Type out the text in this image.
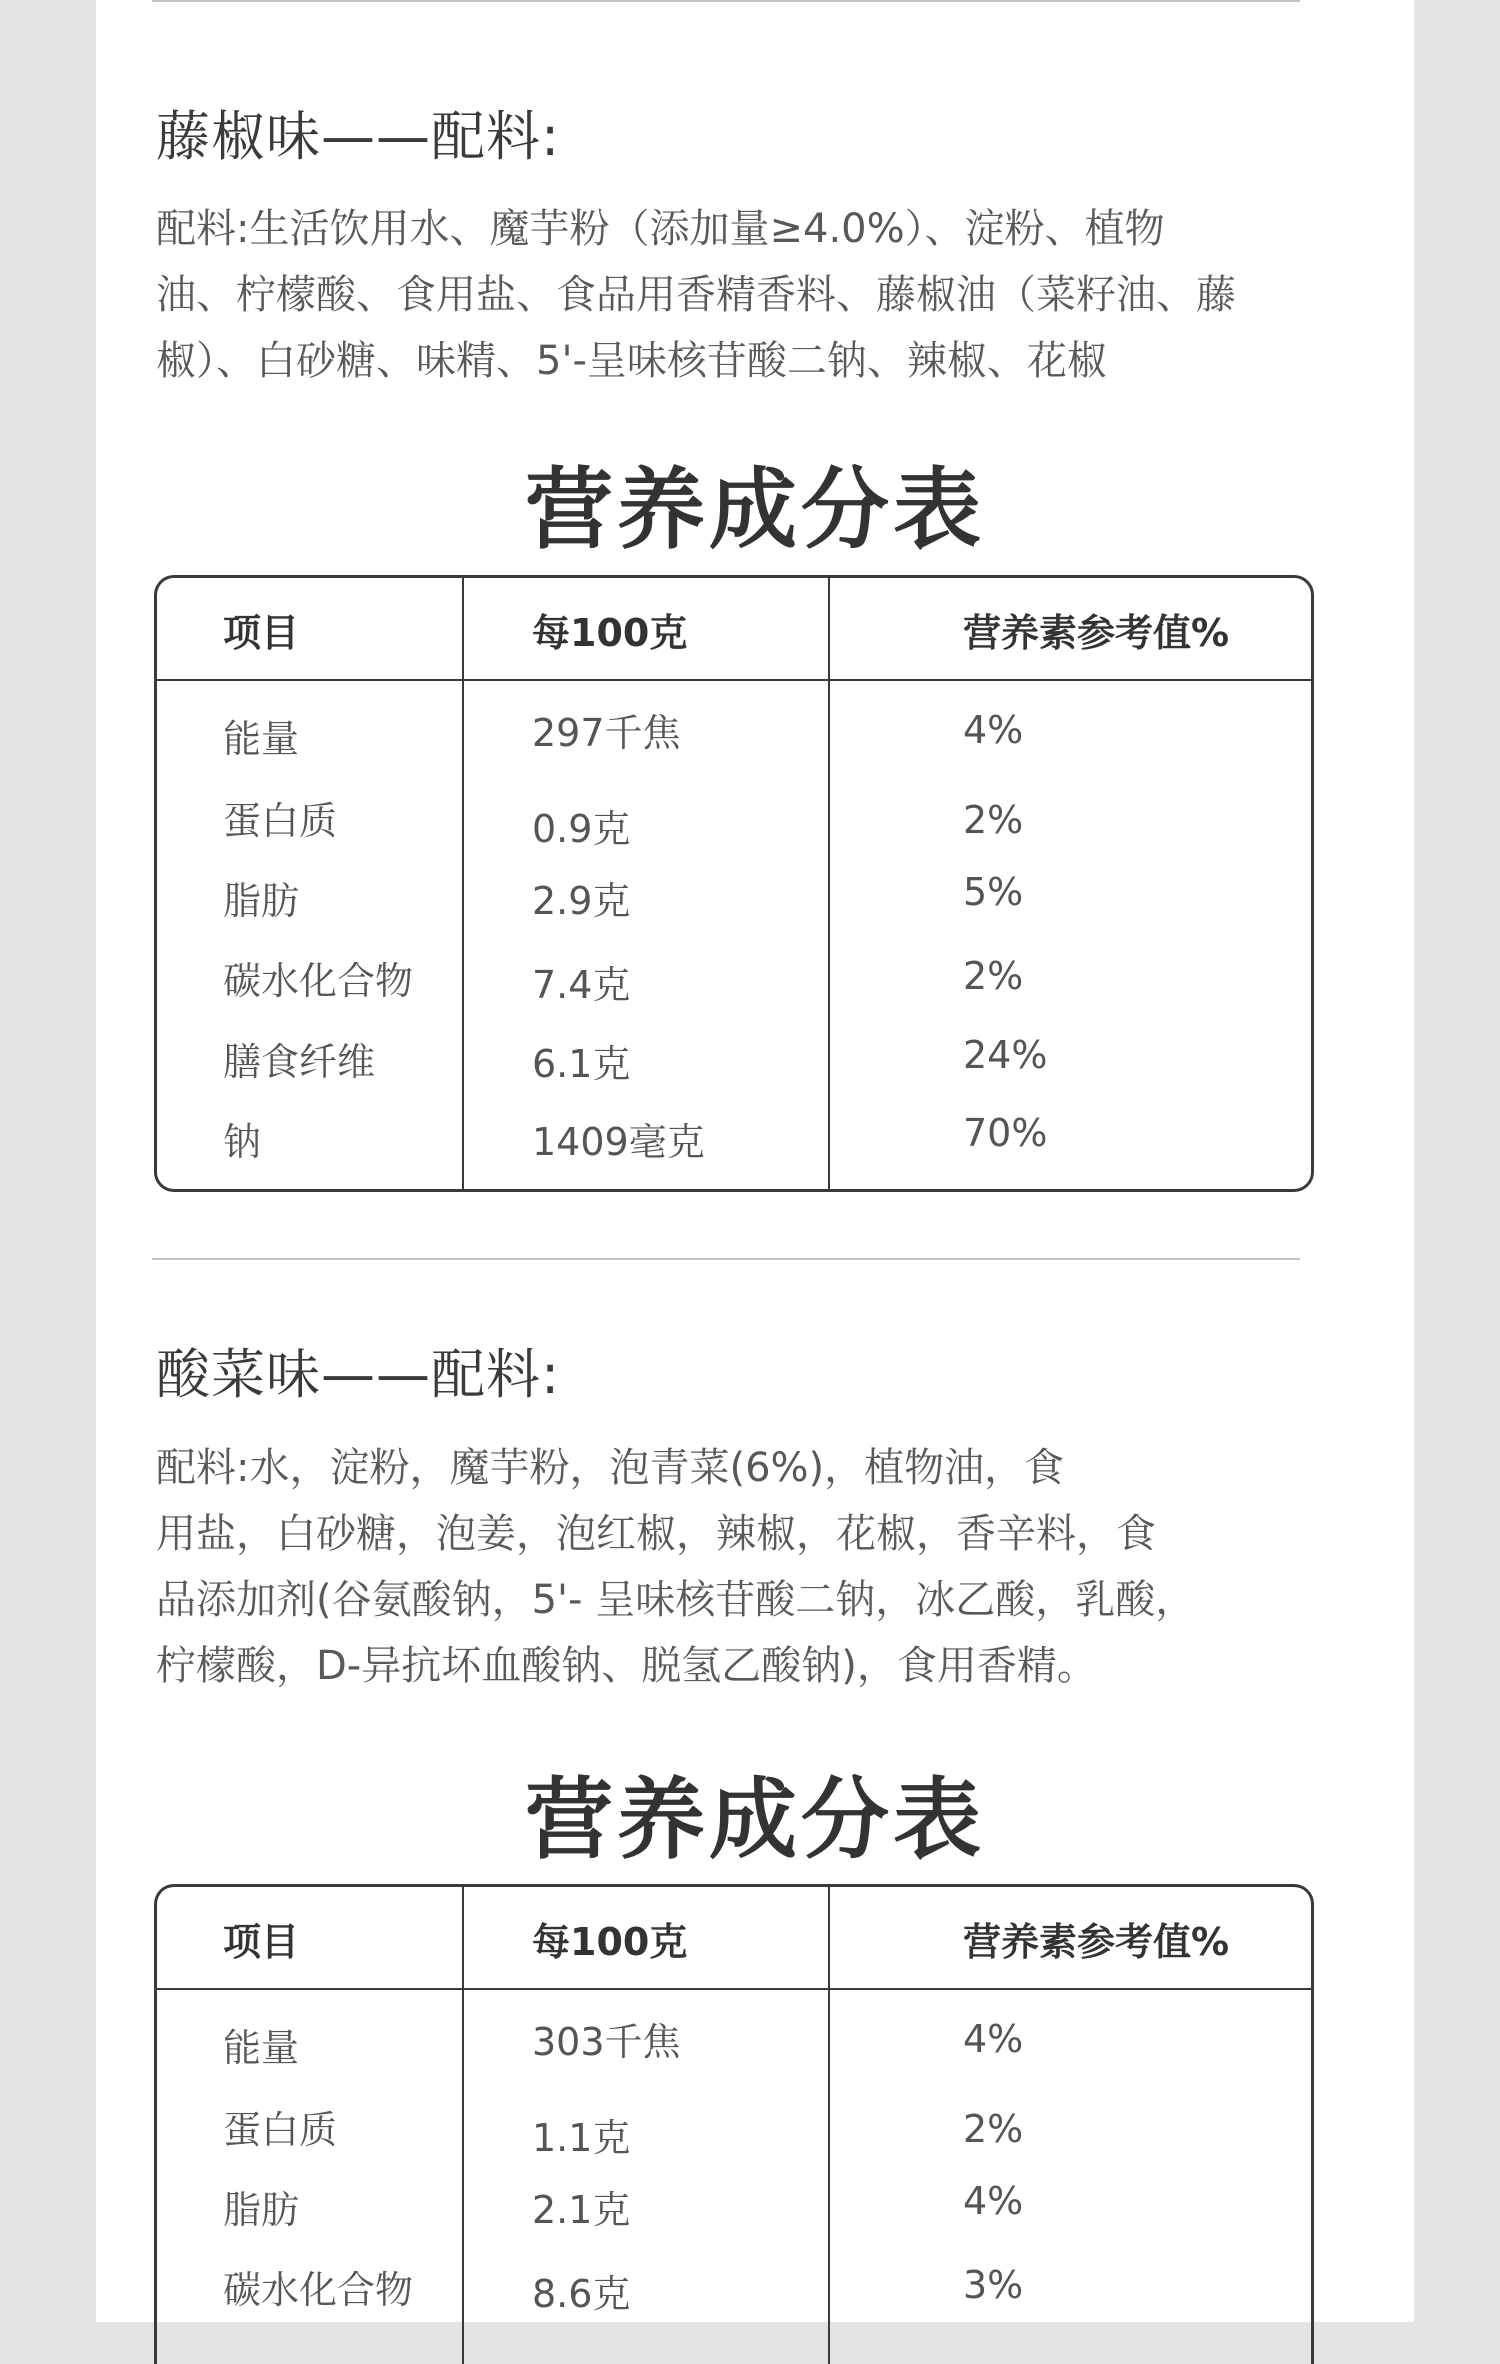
藤椒味——配料:

配料:生活饮用水、魔芋粉（添加量≥4.0%）、淀粉、植物
油、柠檬酸、食用盐、食品用香精香料、藤椒油（菜籽油、藤
椒）、白砂糖、味精、5'-呈味核苷酸二钠、辣椒、花椒

营养成分表
项目	每100克	营养素参考值%
能量	297千焦	4%
蛋白质	0.9克	2%
脂肪	2.9克	5%
碳水化合物	7.4克	2%
膳食纤维	6.1克	24%
钠	1409毫克	70%
酸菜味——配料:

配料:水，淀粉，魔芋粉，泡青菜(6%)，植物油，食
用盐，白砂糖，泡姜，泡红椒，辣椒，花椒，香辛料，食
品添加剂(谷氨酸钠，5'- 呈味核苷酸二钠，冰乙酸，乳酸，
柠檬酸，D-异抗坏血酸钠、脱氢乙酸钠)，食用香精。

营养成分表
项目	每100克	营养素参考值%
能量	303千焦	4%
蛋白质	1.1克	2%
脂肪	2.1克	4%
碳水化合物	8.6克	3%
